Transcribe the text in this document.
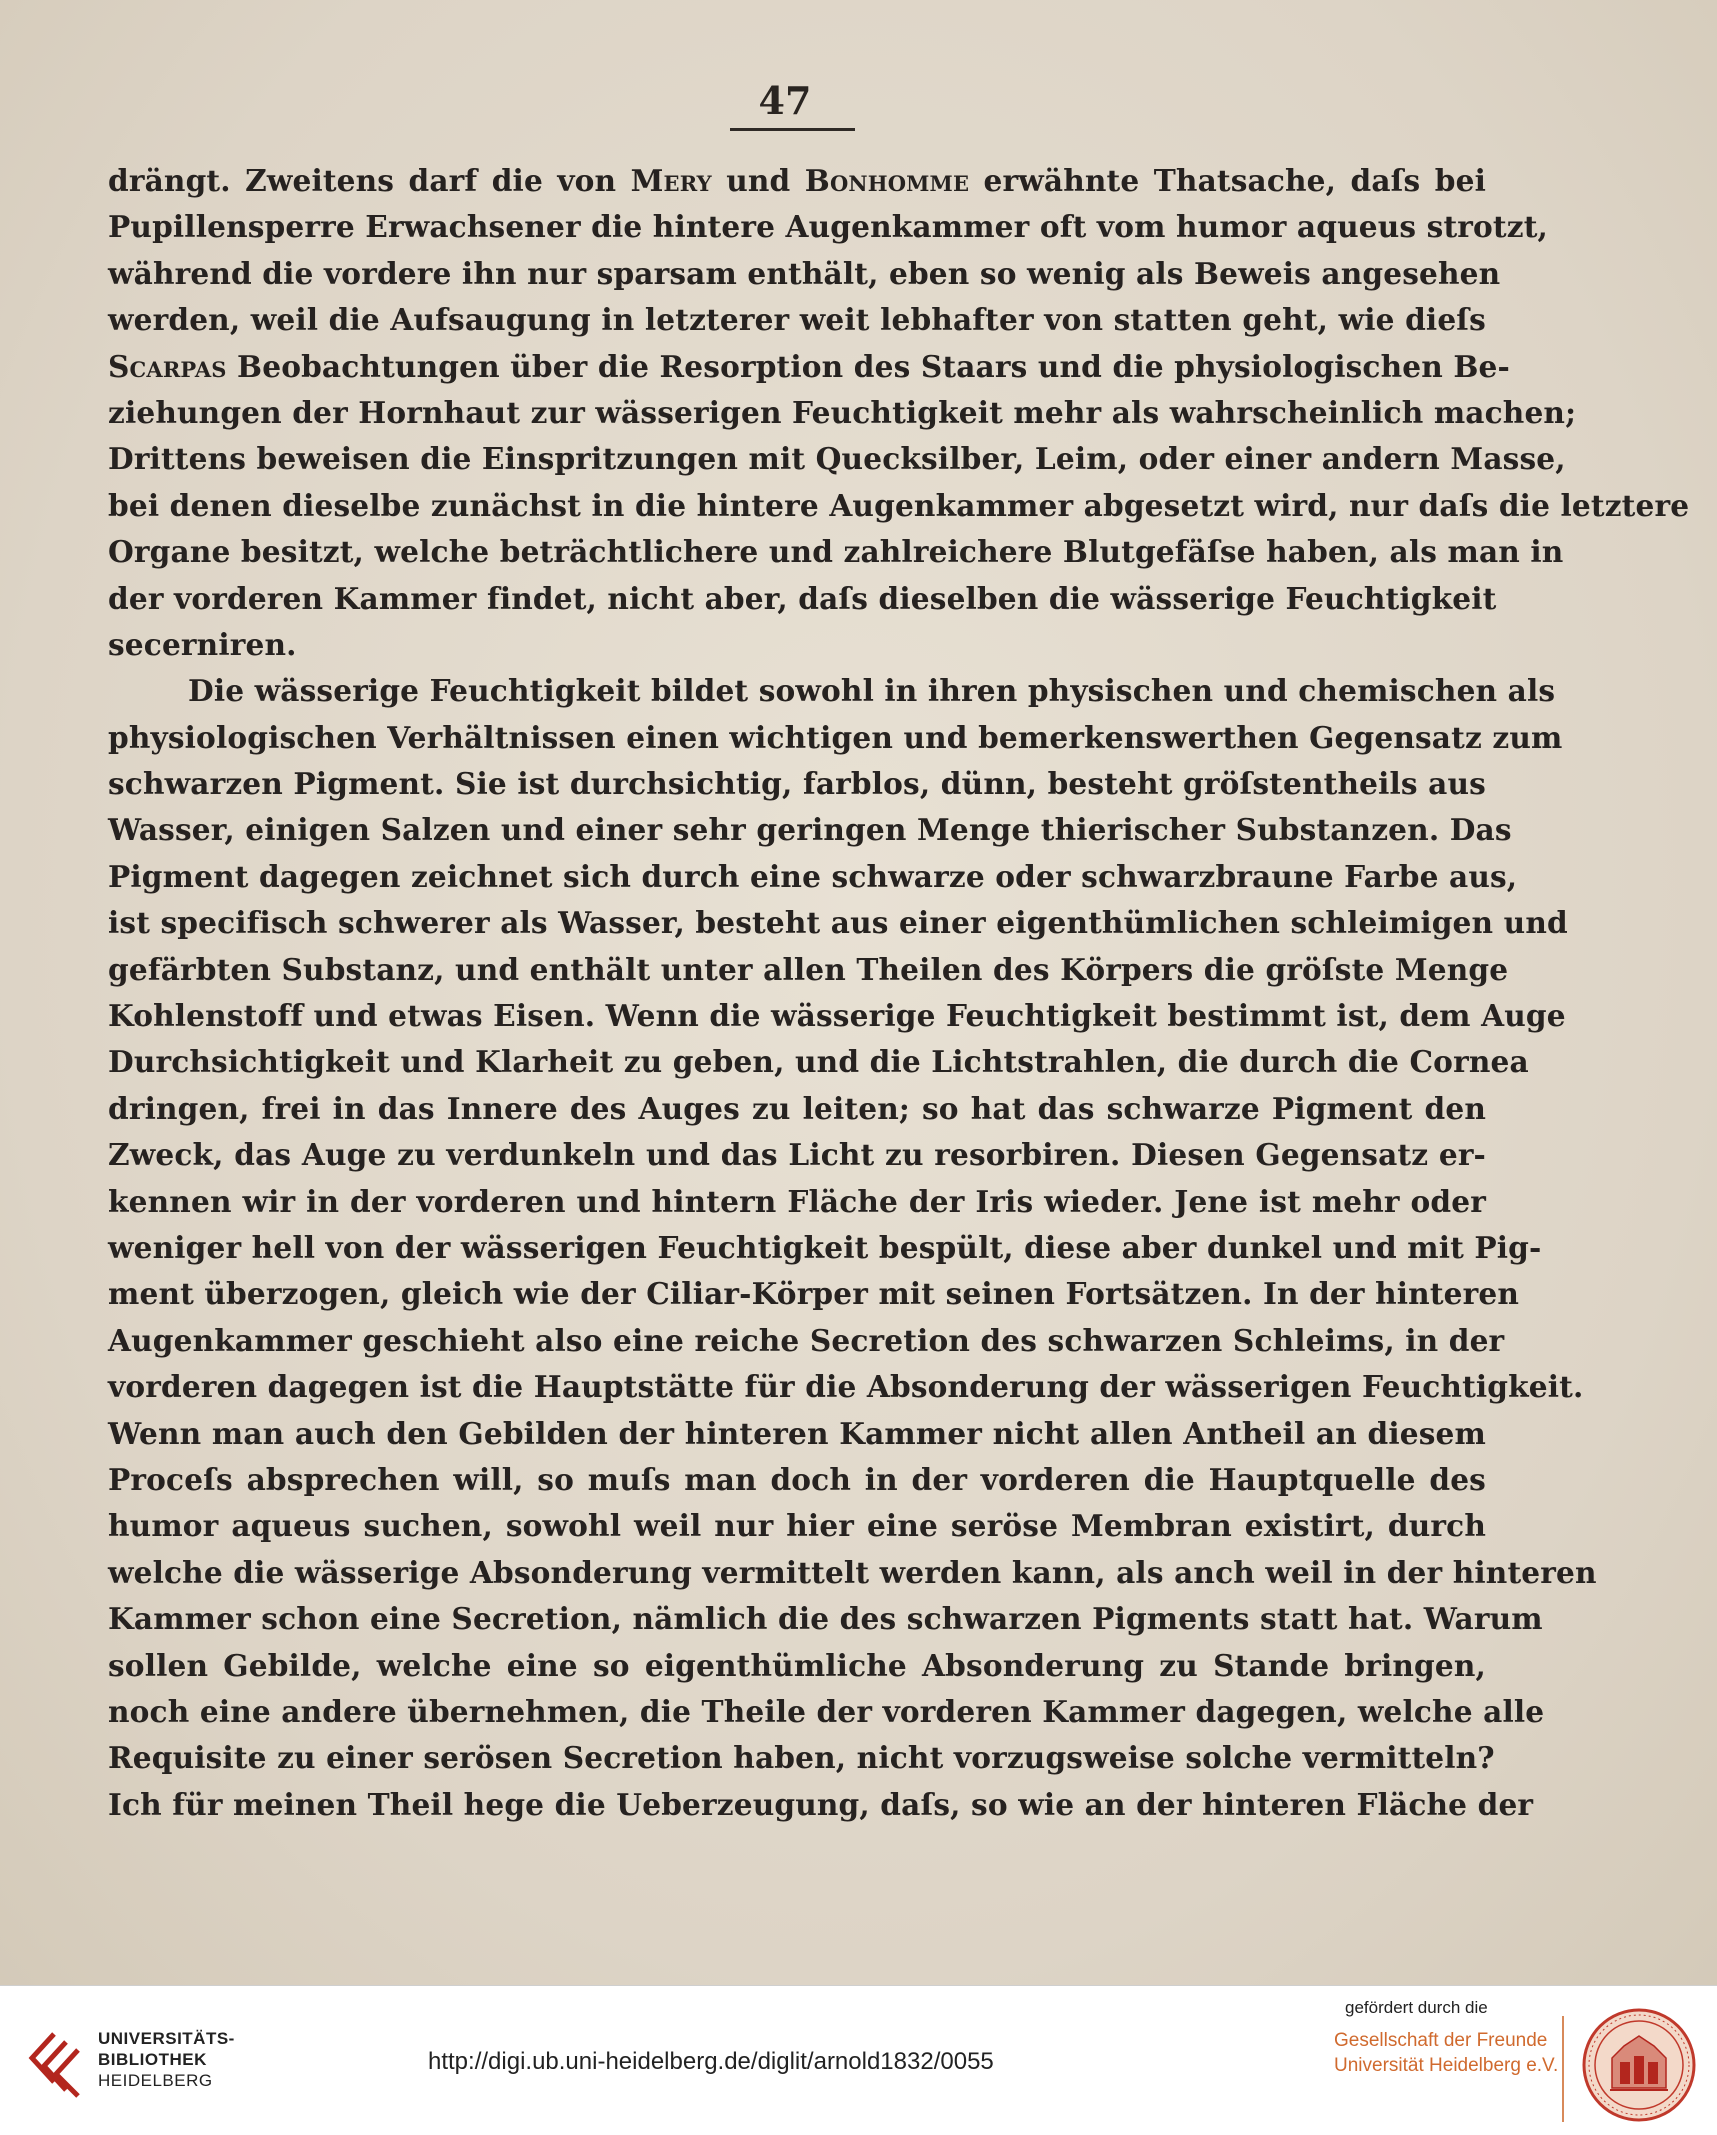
47
drängt. Zweitens darf die von Mery und Bonhomme erwähnte Thatsache, daſs bei
Pupillensperre Erwachsener die hintere Augenkammer oft vom humor aqueus strotzt,
während die vordere ihn nur sparsam enthält, eben so wenig als Beweis angesehen
werden, weil die Aufsaugung in letzterer weit lebhafter von statten geht, wie dieſs
Scarpas Beobachtungen über die Resorption des Staars und die physiologischen Be-
ziehungen der Hornhaut zur wässerigen Feuchtigkeit mehr als wahrscheinlich machen;
Drittens beweisen die Einspritzungen mit Quecksilber, Leim, oder einer andern Masse,
bei denen dieselbe zunächst in die hintere Augenkammer abgesetzt wird, nur daſs die letztere
Organe besitzt, welche beträchtlichere und zahlreichere Blutgefäſse haben, als man in
der vorderen Kammer findet, nicht aber, daſs dieselben die wässerige Feuchtigkeit
secerniren.
Die wässerige Feuchtigkeit bildet sowohl in ihren physischen und chemischen als
physiologischen Verhältnissen einen wichtigen und bemerkenswerthen Gegensatz zum
schwarzen Pigment. Sie ist durchsichtig, farblos, dünn, besteht gröſstentheils aus
Wasser, einigen Salzen und einer sehr geringen Menge thierischer Substanzen. Das
Pigment dagegen zeichnet sich durch eine schwarze oder schwarzbraune Farbe aus,
ist specifisch schwerer als Wasser, besteht aus einer eigenthümlichen schleimigen und
gefärbten Substanz, und enthält unter allen Theilen des Körpers die gröſste Menge
Kohlenstoff und etwas Eisen. Wenn die wässerige Feuchtigkeit bestimmt ist, dem Auge
Durchsichtigkeit und Klarheit zu geben, und die Lichtstrahlen, die durch die Cornea
dringen, frei in das Innere des Auges zu leiten; so hat das schwarze Pigment den
Zweck, das Auge zu verdunkeln und das Licht zu resorbiren. Diesen Gegensatz er-
kennen wir in der vorderen und hintern Fläche der Iris wieder. Jene ist mehr oder
weniger hell von der wässerigen Feuchtigkeit bespült, diese aber dunkel und mit Pig-
ment überzogen, gleich wie der Ciliar-Körper mit seinen Fortsätzen. In der hinteren
Augenkammer geschieht also eine reiche Secretion des schwarzen Schleims, in der
vorderen dagegen ist die Hauptstätte für die Absonderung der wässerigen Feuchtigkeit.
Wenn man auch den Gebilden der hinteren Kammer nicht allen Antheil an diesem
Proceſs absprechen will, so muſs man doch in der vorderen die Hauptquelle des
humor aqueus suchen, sowohl weil nur hier eine seröse Membran existirt, durch
welche die wässerige Absonderung vermittelt werden kann, als anch weil in der hinteren
Kammer schon eine Secretion, nämlich die des schwarzen Pigments statt hat. Warum
sollen Gebilde, welche eine so eigenthümliche Absonderung zu Stande bringen,
noch eine andere übernehmen, die Theile der vorderen Kammer dagegen, welche alle
Requisite zu einer serösen Secretion haben, nicht vorzugsweise solche vermitteln?
Ich für meinen Theil hege die Ueberzeugung, daſs, so wie an der hinteren Fläche der
UNIVERSITÄTS-
BIBLIOTHEK
HEIDELBERG
http://digi.ub.uni-heidelberg.de/diglit/arnold1832/0055
gefördert durch die
Gesellschaft der Freunde
Universität Heidelberg e.V.
